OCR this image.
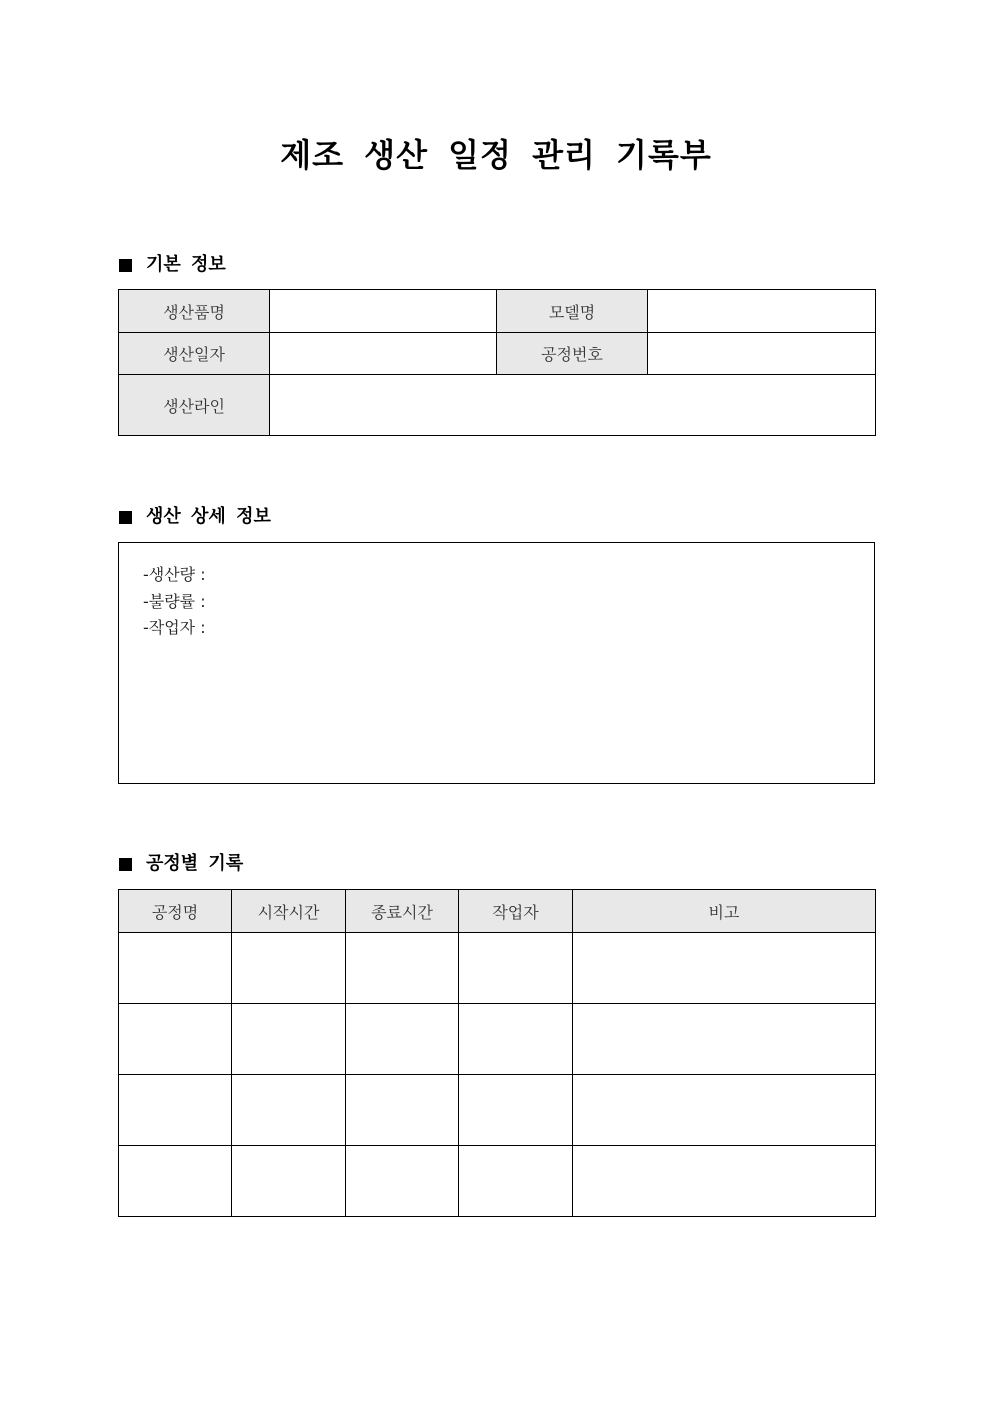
제조 생산 일정 관리 기록부
기본 정보
생산품명		모델명	
생산일자		공정번호	
생산라인			
생산 상세 정보
-생산량 :
-불량률 :
-작업자 :
공정별 기록
공정명	시작시간	종료시간	작업자	비고
